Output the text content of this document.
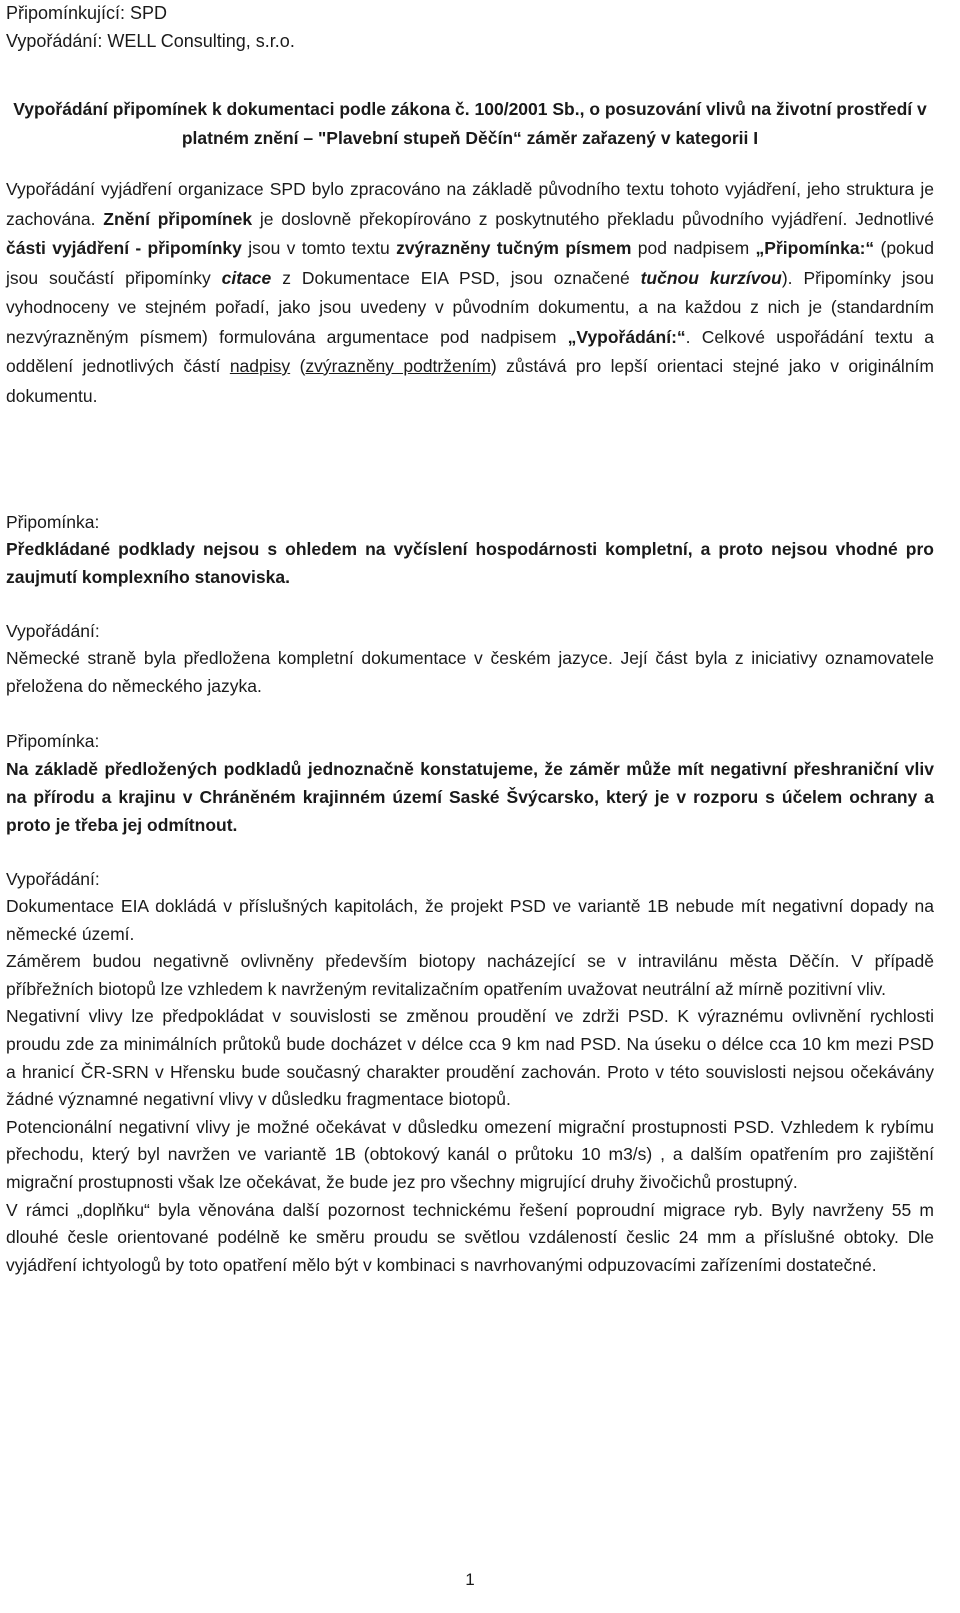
Připomínkující: SPD
Vypořádání: WELL Consulting, s.r.o.
Vypořádání připomínek k dokumentaci podle zákona č. 100/2001 Sb., o posuzování vlivů na životní prostředí v platném znění – "Plavební stupeň Děčín“ záměr zařazený v kategorii I
Vypořádání vyjádření organizace SPD bylo zpracováno na základě původního textu tohoto vyjádření, jeho struktura je zachována. Znění připomínek je doslovně překopírováno z poskytnutého překladu původního vyjádření. Jednotlivé části vyjádření - připomínky jsou v tomto textu zvýrazněny tučným písmem pod nadpisem „Připomínka:“ (pokud jsou součástí připomínky citace z Dokumentace EIA PSD, jsou označené tučnou kurzívou). Připomínky jsou vyhodnoceny ve stejném pořadí, jako jsou uvedeny v původním dokumentu, a na každou z nich je (standardním nezvýrazněným písmem) formulována argumentace pod nadpisem „Vypořádání:“. Celkové uspořádání textu a oddělení jednotlivých částí nadpisy (zvýrazněny podtržením) zůstává pro lepší orientaci stejné jako v originálním dokumentu.
Připomínka:
Předkládané podklady nejsou s ohledem na vyčíslení hospodárnosti kompletní, a proto nejsou vhodné pro zaujmutí komplexního stanoviska.
Vypořádání:
Německé straně byla předložena kompletní dokumentace v českém jazyce. Její část byla z iniciativy oznamovatele přeložena do německého jazyka.
Připomínka:
Na základě předložených podkladů jednoznačně konstatujeme, že záměr může mít negativní přeshraniční vliv na přírodu a krajinu v Chráněném krajinném území Saské Švýcarsko, který je v rozporu s účelem ochrany a proto je třeba jej odmítnout.
Vypořádání:

Dokumentace EIA dokládá v příslušných kapitolách, že projekt PSD ve variantě 1B nebude mít negativní dopady na německé území.

Záměrem budou negativně ovlivněny především biotopy nacházející se v intravilánu města Děčín. V případě příbřežních biotopů lze vzhledem k navrženým revitalizačním opatřením uvažovat neutrální až mírně pozitivní vliv.

Negativní vlivy lze předpokládat v souvislosti se změnou proudění ve zdrži PSD. K výraznému ovlivnění rychlosti proudu zde za minimálních průtoků bude docházet v délce cca 9 km nad PSD. Na úseku o délce cca 10 km mezi PSD a hranicí ČR-SRN v Hřensku bude současný charakter proudění zachován. Proto v této souvislosti nejsou očekávány žádné významné negativní vlivy v důsledku fragmentace biotopů.

Potencionální negativní vlivy je možné očekávat v důsledku omezení migrační prostupnosti PSD. Vzhledem k rybímu přechodu, který byl navržen ve variantě 1B (obtokový kanál o průtoku 10 m3/s) , a dalším opatřením pro zajištění migrační prostupnosti však lze očekávat, že bude jez pro všechny migrující druhy živočichů prostupný.

V rámci „doplňku“ byla věnována další pozornost technickému řešení poproudní migrace ryb. Byly navrženy 55 m dlouhé česle orientované podélně ke směru proudu se světlou vzdáleností česlic 24 mm a příslušné obtoky. Dle vyjádření ichtyologů by toto opatření mělo být v kombinaci s navrhovanými odpuzovacími zařízeními dostatečné.

1
